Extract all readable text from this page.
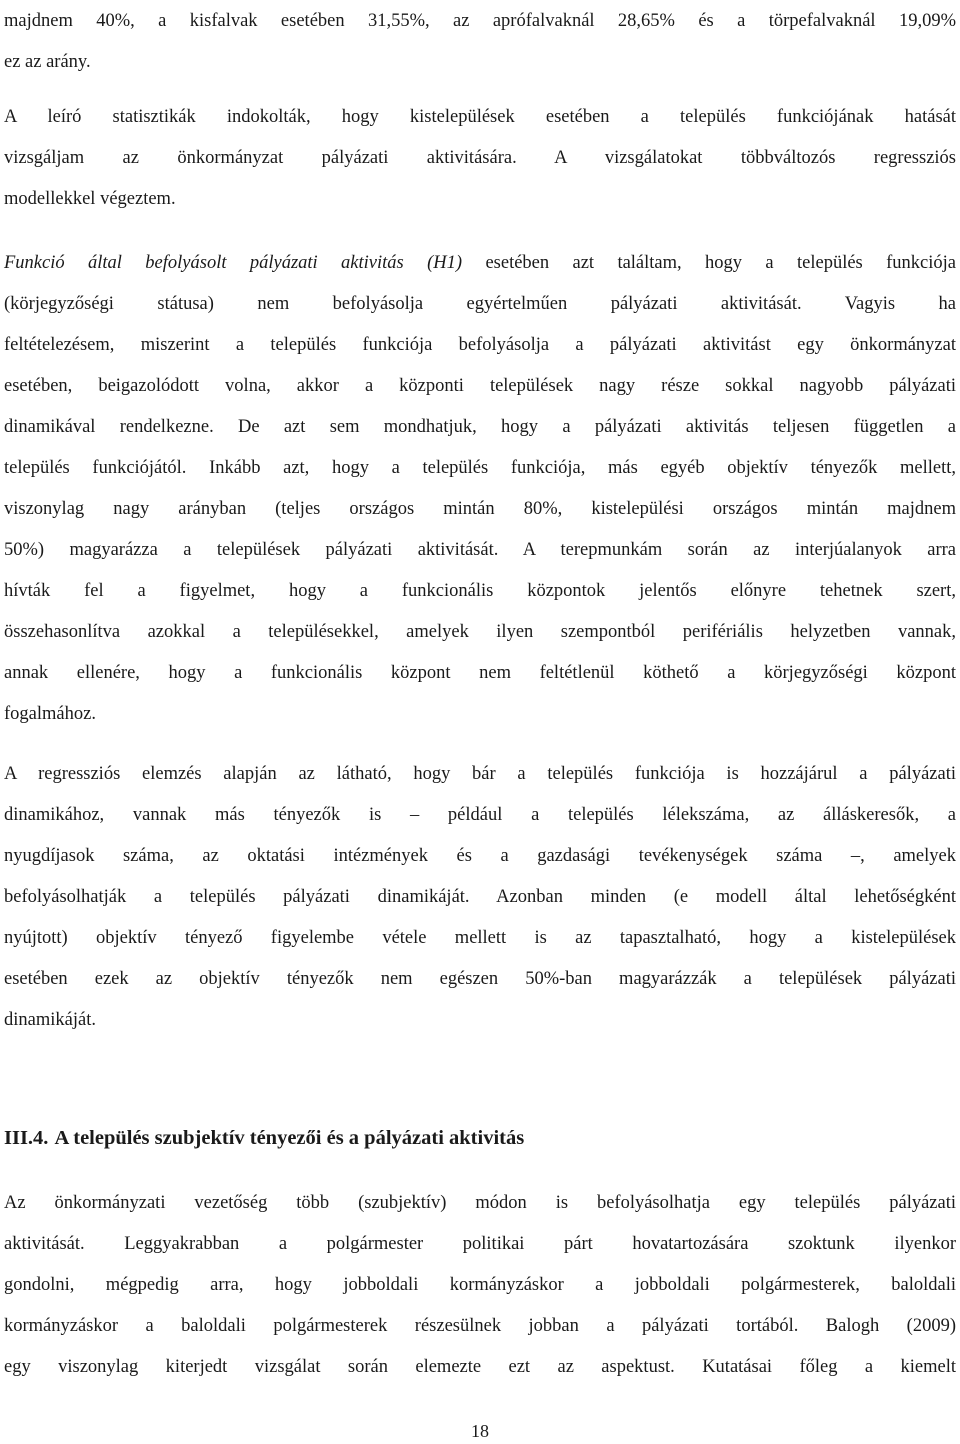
majdnem 40%, a kisfalvak esetében 31,55%, az aprófalvaknál 28,65% és a törpefalvaknál 19,09%
ez az arány.
A leíró statisztikák indokolták, hogy kistelepülések esetében a település funkciójának hatását
vizsgáljam az önkormányzat pályázati aktivitására. A vizsgálatokat többváltozós regressziós
modellekkel végeztem.
Funkció által befolyásolt pályázati aktivitás (H1) esetében azt találtam, hogy a település funkciója
(körjegyzőségi státusa) nem befolyásolja egyértelműen pályázati aktivitását. Vagyis ha
feltételezésem, miszerint a település funkciója befolyásolja a pályázati aktivitást egy önkormányzat
esetében, beigazolódott volna, akkor a központi települések nagy része sokkal nagyobb pályázati
dinamikával rendelkezne. De azt sem mondhatjuk, hogy a pályázati aktivitás teljesen független a
település funkciójától. Inkább azt, hogy a település funkciója, más egyéb objektív tényezők mellett,
viszonylag nagy arányban (teljes országos mintán 80%, kistelepülési országos mintán majdnem
50%) magyarázza a települések pályázati aktivitását. A terepmunkám során az interjúalanyok arra
hívták fel a figyelmet, hogy a funkcionális központok jelentős előnyre tehetnek szert,
összehasonlítva azokkal a településekkel, amelyek ilyen szempontból perifériális helyzetben vannak,
annak ellenére, hogy a funkcionális központ nem feltétlenül köthető a körjegyzőségi központ
fogalmához.
A regressziós elemzés alapján az látható, hogy bár a település funkciója is hozzájárul a pályázati
dinamikához, vannak más tényezők is – például a település lélekszáma, az álláskeresők, a
nyugdíjasok száma, az oktatási intézmények és a gazdasági tevékenységek száma –, amelyek
befolyásolhatják a település pályázati dinamikáját. Azonban minden (e modell által lehetőségként
nyújtott) objektív tényező figyelembe vétele mellett is az tapasztalható, hogy a kistelepülések
esetében ezek az objektív tényezők nem egészen 50%-ban magyarázzák a települések pályázati
dinamikáját.
III.4. A település szubjektív tényezői és a pályázati aktivitás
Az önkormányzati vezetőség több (szubjektív) módon is befolyásolhatja egy település pályázati
aktivitását. Leggyakrabban a polgármester politikai párt hovatartozására szoktunk ilyenkor
gondolni, mégpedig arra, hogy jobboldali kormányzáskor a jobboldali polgármesterek, baloldali
kormányzáskor a baloldali polgármesterek részesülnek jobban a pályázati tortából. Balogh (2009)
egy viszonylag kiterjedt vizsgálat során elemezte ezt az aspektust. Kutatásai főleg a kiemelt
18
